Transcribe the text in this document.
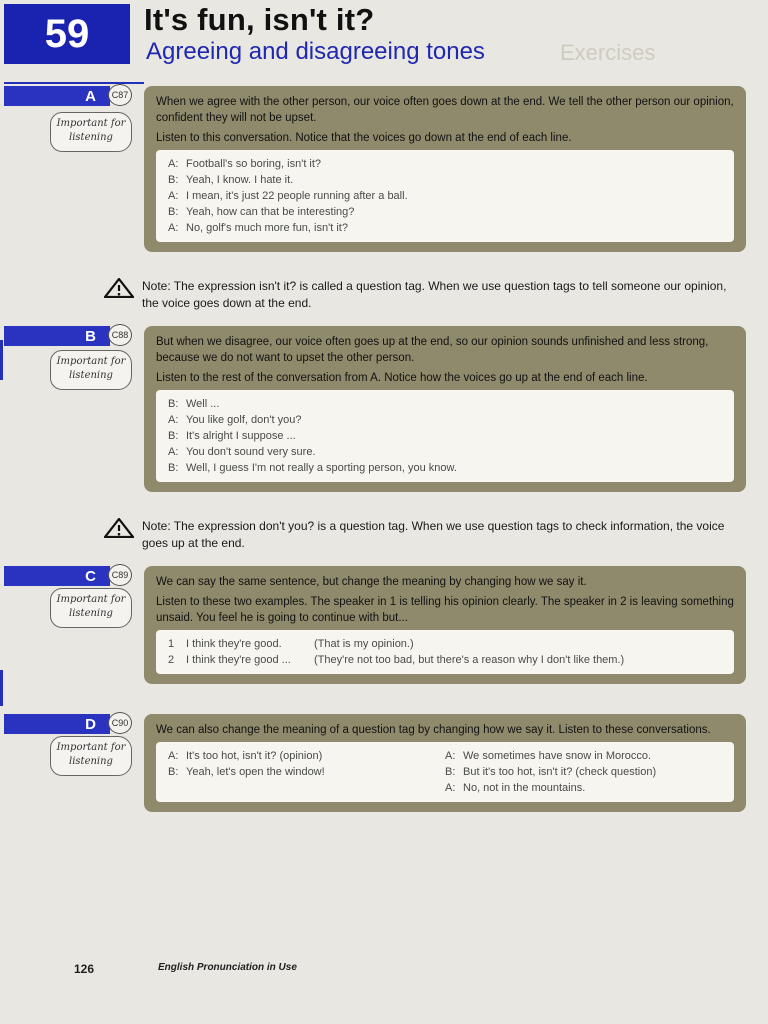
59	It's fun, isn't it?
Agreeing and disagreeing tones	Exercises
A	C87
Important for listening

When we agree with the other person, our voice often goes down at the end. We tell the other person our opinion, confident they will not be upset.

Listen to this conversation. Notice that the voices go down at the end of each line.

A: Football's so boring, isn't it?
B: Yeah, I know. I hate it.
A: I mean, it's just 22 people running after a ball.
B: Yeah, how can that be interesting?
A: No, golf's much more fun, isn't it?
Note: The expression isn't it? is called a question tag. When we use question tags to tell someone our opinion, the voice goes down at the end.
B	C88
Important for listening

But when we disagree, our voice often goes up at the end, so our opinion sounds unfinished and less strong, because we do not want to upset the other person.

Listen to the rest of the conversation from A. Notice how the voices go up at the end of each line.

B: Well ...
A: You like golf, don't you?
B: It's alright I suppose ...
A: You don't sound very sure.
B: Well, I guess I'm not really a sporting person, you know.
Note: The expression don't you? is a question tag. When we use question tags to check information, the voice goes up at the end.
C	C89
Important for listening

We can say the same sentence, but change the meaning by changing how we say it.

Listen to these two examples. The speaker in 1 is telling his opinion clearly. The speaker in 2 is leaving something unsaid. You feel he is going to continue with but...

1 I think they're good.	(That is my opinion.)
2 I think they're good ... (They're not too bad, but there's a reason why I don't like them.)
D	C90
Important for listening

We can also change the meaning of a question tag by changing how we say it. Listen to these conversations.

A: It's too hot, isn't it? (opinion)
B: Yeah, let's open the window!
A: We sometimes have snow in Morocco.
B: But it's too hot, isn't it? (check question)
A: No, not in the mountains.
126	English Pronunciation in Use
